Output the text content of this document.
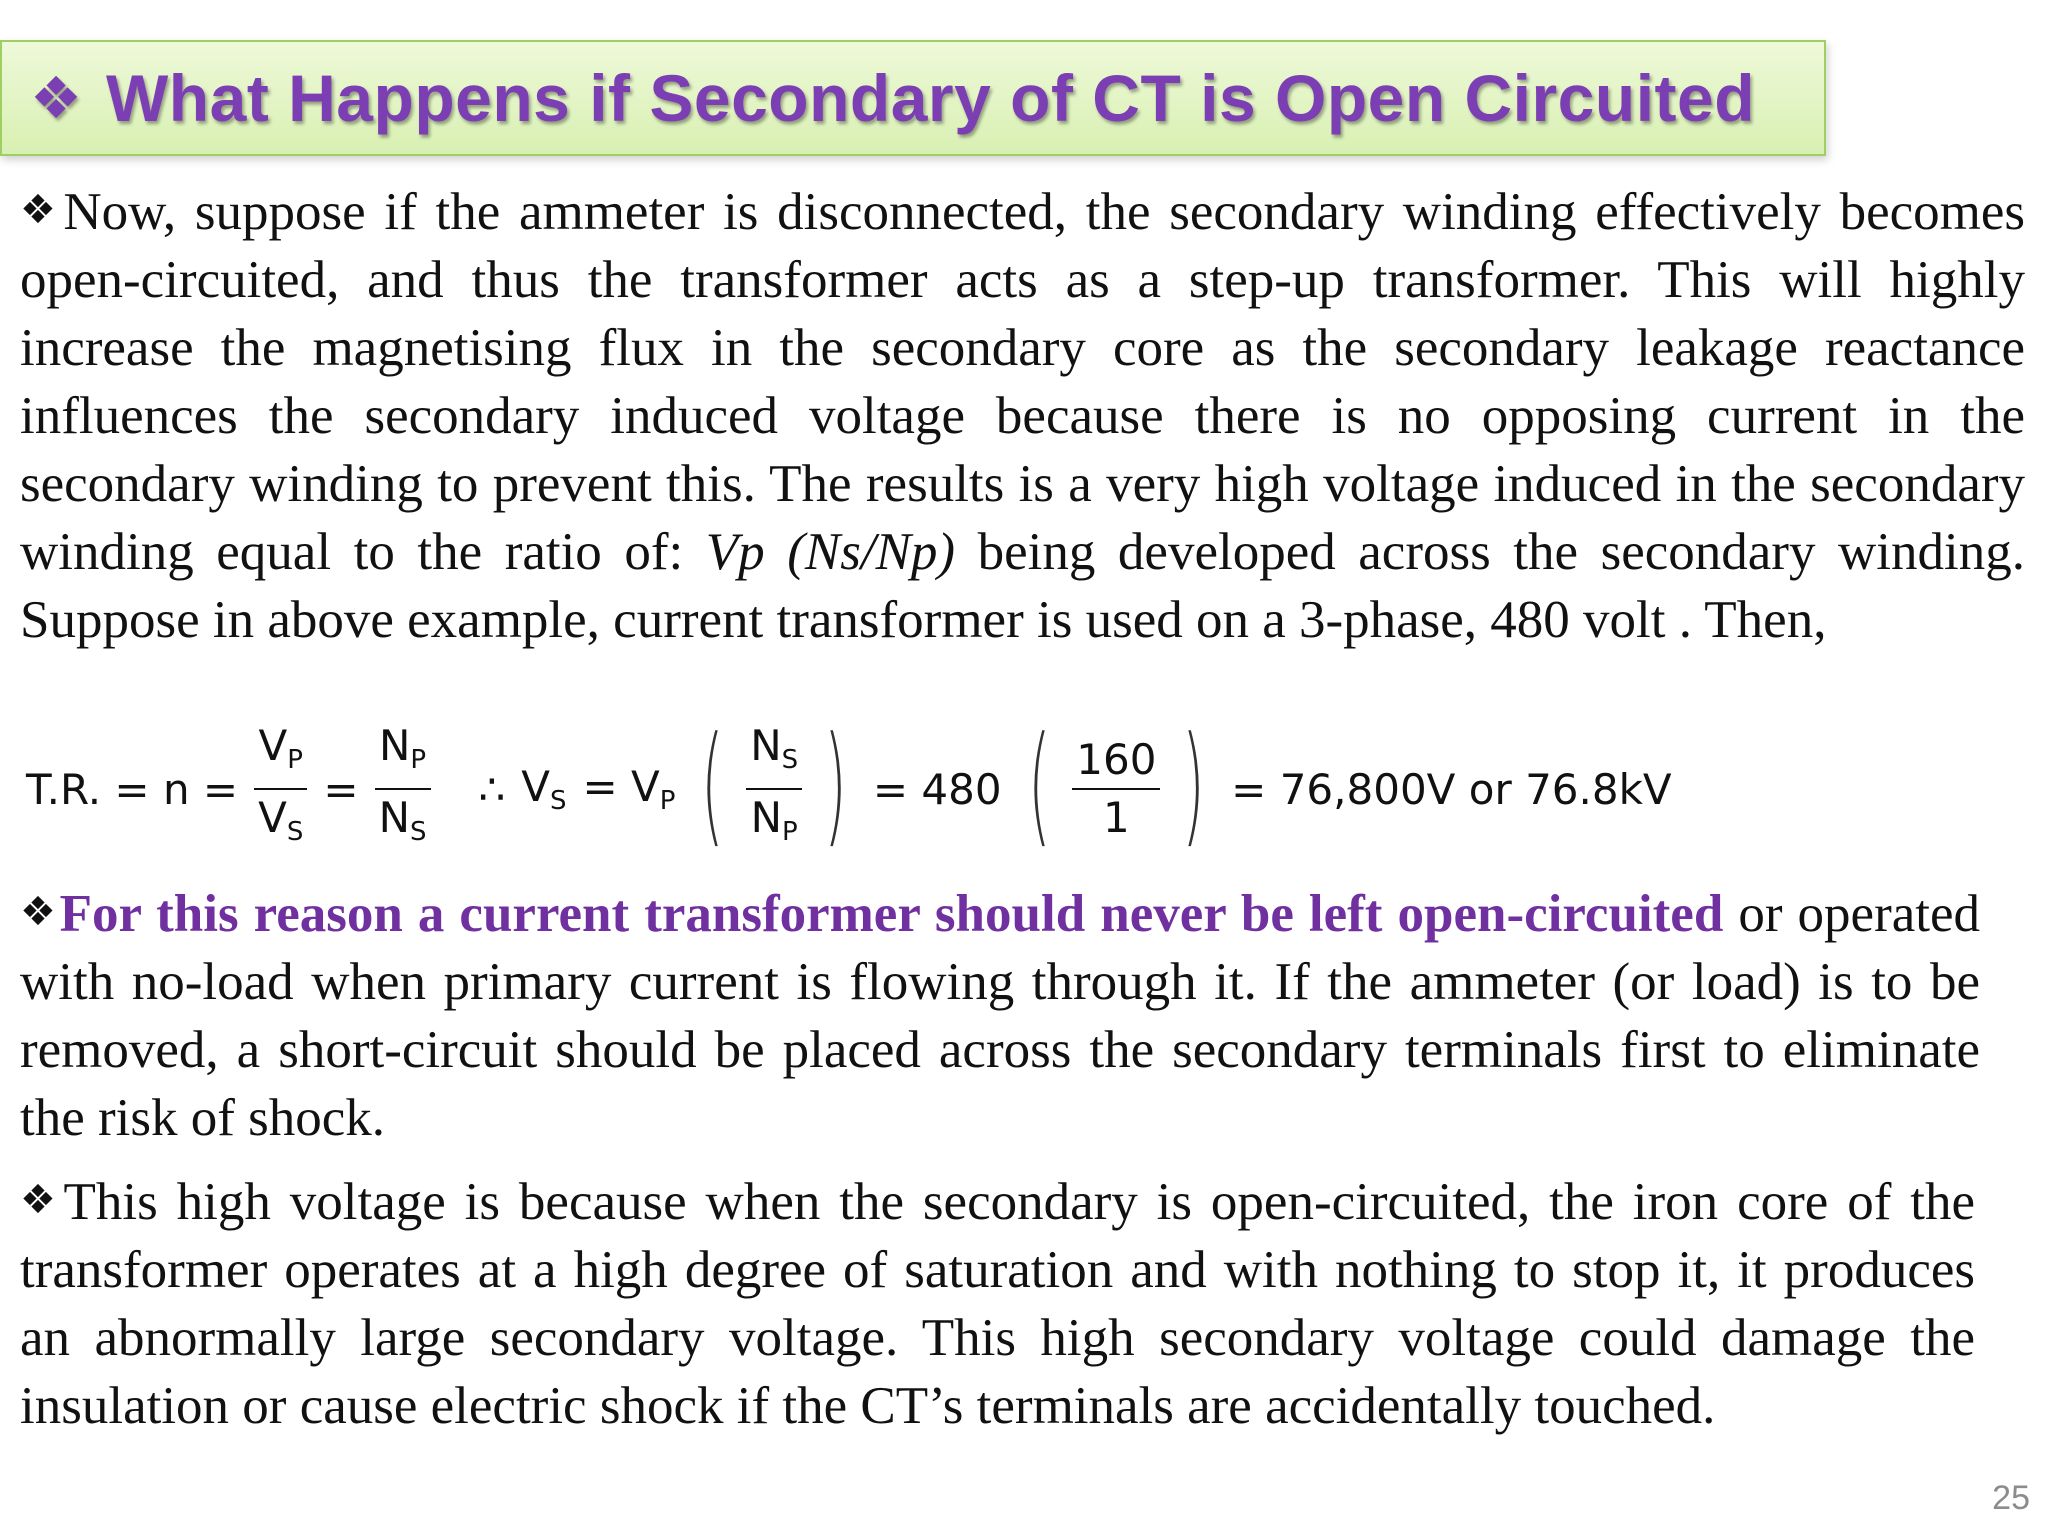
❖ What Happens if Secondary of CT is Open Circuited

❖Now, suppose if the ammeter is disconnected, the secondary winding effectively becomes open-circuited, and thus the transformer acts as a step-up transformer. This will highly increase the magnetising flux in the secondary core as the secondary leakage reactance influences the secondary induced voltage because there is no opposing current in the secondary winding to prevent this. The results is a very high voltage induced in the secondary winding equal to the ratio of: Vp (Ns/Np) being developed across the secondary winding. Suppose in above example, current transformer is used on a 3-phase, 480 volt . Then,

T.R. = $n = \frac{V_P}{V_S} = \frac{N_P}{N_S}$ ∴ $V_S = V_P$ ( $\frac{N_S}{N_P}$ ) = 480 ( $\frac{160}{1}$ ) = 76,800V or 76.8kV

❖For this reason a current transformer should never be left open-circuited or operated with no-load when primary current is flowing through it. If the ammeter (or load) is to be removed, a short-circuit should be placed across the secondary terminals first to eliminate the risk of shock.

❖This high voltage is because when the secondary is open-circuited, the iron core of the transformer operates at a high degree of saturation and with nothing to stop it, it produces an abnormally large secondary voltage. This high secondary voltage could damage the insulation or cause electric shock if the CT’s terminals are accidentally touched.

25
